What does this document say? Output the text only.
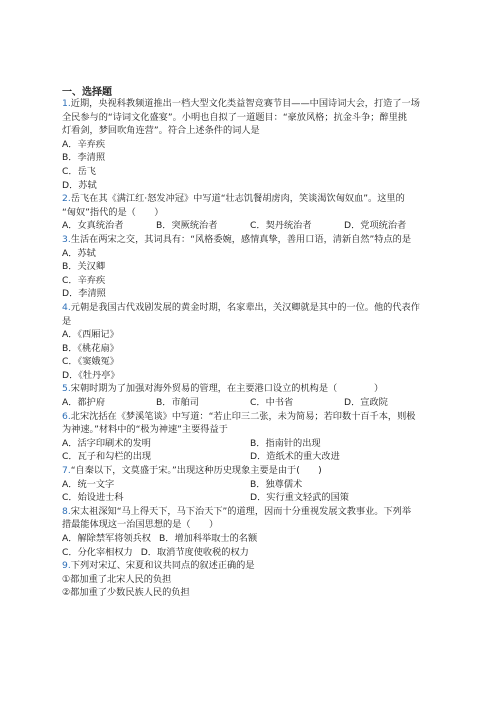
一、选择题
1.近期，央视科教频道推出一档大型文化类益智竞赛节目——中国诗词大会，打造了一场
全民参与的“诗词文化盛宴”。小明也自拟了一道题目：“豪放风格；抗金斗争；醉里挑
灯看剑，梦回吹角连营”。符合上述条件的词人是
A．辛弃疾
B．李清照
C．岳飞
D．苏轼
2.岳飞在其《满江红·怒发冲冠》中写道“壮志饥餐胡虏肉，笑谈渴饮匈奴血”。这里的
“匈奴”指代的是（　　）
A．女真统治者	B．突厥统治者	C．契丹统治者	D．党项统治者
3.生活在两宋之交，其词具有：“风格委婉，感情真挚，善用口语，清新自然”特点的是
A．苏轼
B．关汉卿
C．辛弃疾
D．李清照
4.元朝是我国古代戏剧发展的黄金时期，名家辈出，关汉卿就是其中的一位。他的代表作
是
A．《西厢记》
B．《桃花扇》
C．《窦娥冤》
D．《牡丹亭》
5.宋朝时期为了加强对海外贸易的管理，在主要港口设立的机构是（　　　　）
A．都护府	B．市舶司	C．中书省	D．宣政院
6.北宋沈括在《梦溪笔谈》中写道：“若止印三二张，未为简易；若印数十百千本，则极
为神速。”材料中的“极为神速”主要得益于
A．活字印刷术的发明	B．指南针的出现
C．瓦子和勾栏的出现	D．造纸术的重大改进
7.“自秦以下，文莫盛于宋。”出现这种历史现象主要是由于(　　)
A．统一文字	B．独尊儒术
C．始设进士科	D．实行重文轻武的国策
8.宋太祖深知“马上得天下，马下治天下”的道理，因而十分重视发展文教事业。下列举
措最能体现这一治国思想的是（　　）
A．解除禁军将领兵权 B．增加科举取士的名额
C．分化宰相权力 D．取消节度使收税的权力
9.下列对宋辽、宋夏和议共同点的叙述正确的是
①都加重了北宋人民的负担
②都加重了少数民族人民的负担
